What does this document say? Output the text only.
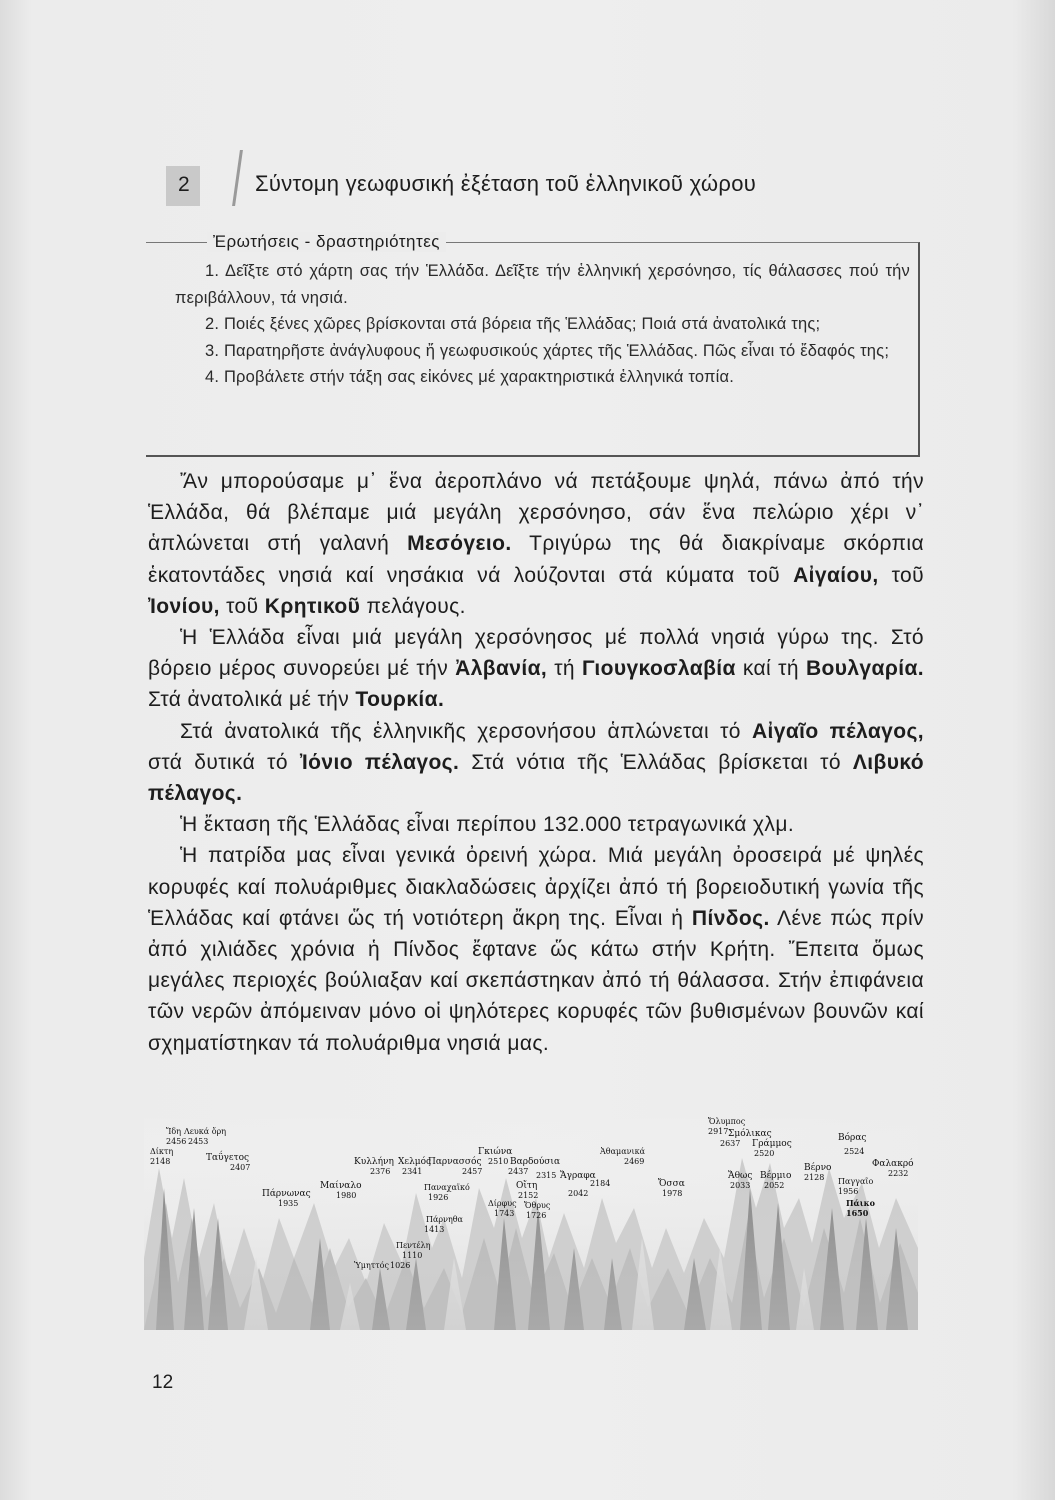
2	Σύντομη γεωφυσική ἐξέταση τοῦ ἑλληνικοῦ χώρου
Ἐρωτήσεις - δραστηριότητες

1. Δεῖξτε στό χάρτη σας τήν Ἑλλάδα. Δεῖξτε τήν ἑλληνική χερσόνησο, τίς θάλασσες πού τήν περιβάλλουν, τά νησιά.

2. Ποιές ξένες χῶρες βρίσκονται στά βόρεια τῆς Ἑλλάδας; Ποιά στά ἀνατολικά της;

3. Παρατηρῆστε ἀνάγλυφους ἤ γεωφυσικούς χάρτες τῆς Ἑλλάδας. Πῶς εἶναι τό ἔδαφός της;

4. Προβάλετε στήν τάξη σας εἰκόνες μέ χαρακτηριστικά ἑλληνικά τοπία.

Ἄν μπορούσαμε μ᾽ ἕνα ἀεροπλάνο νά πετάξουμε ψηλά, πάνω ἀπό τήν Ἑλλάδα, θά βλέπαμε μιά μεγάλη χερσόνησο, σάν ἕνα πελώριο χέρι ν᾽ ἁπλώνεται στή γαλανή Μεσόγειο. Τριγύρω της θά διακρίναμε σκόρπια ἑκατοντάδες νησιά καί νησάκια νά λούζονται στά κύματα τοῦ Αἰγαίου, τοῦ Ἰονίου, τοῦ Κρητικοῦ πελάγους.

Ἡ Ἑλλάδα εἶναι μιά μεγάλη χερσόνησος μέ πολλά νησιά γύρω της. Στό βόρειο μέρος συνορεύει μέ τήν Ἀλβανία, τή Γιουγκοσλαβία καί τή Βουλγαρία. Στά ἀνατολικά μέ τήν Τουρκία.

Στά ἀνατολικά τῆς ἑλληνικῆς χερσονήσου ἁπλώνεται τό Αἰγαῖο πέλαγος, στά δυτικά τό Ἰόνιο πέλαγος. Στά νότια τῆς Ἑλλάδας βρίσκεται τό Λιβυκό πέλαγος.

Ἡ ἔκταση τῆς Ἑλλάδας εἶναι περίπου 132.000 τετραγωνικά χλμ.

Ἡ πατρίδα μας εἶναι γενικά ὀρεινή χώρα. Μιά μεγάλη ὀροσειρά μέ ψηλές κορυφές καί πολυάριθμες διακλαδώσεις ἀρχίζει ἀπό τή βορειοδυτική γωνία τῆς Ἑλλάδας καί φτάνει ὥς τή νοτιότερη ἄκρη της. Εἶναι ἡ Πίνδος. Λένε πώς πρίν ἀπό χιλιάδες χρόνια ἡ Πίνδος ἔφτανε ὥς κάτω στήν Κρήτη. Ἔπειτα ὅμως μεγάλες περιοχές βούλιαξαν καί σκεπάστηκαν ἀπό τή θάλασσα. Στήν ἐπιφάνεια τῶν νερῶν ἀπόμειναν μόνο οἱ ψηλότερες κορυφές τῶν βυθισμένων βουνῶν καί σχηματίστηκαν τά πολυάριθμα νησιά μας.

Ἴδη
2456
Λευκά ὄρη
2453
Δίκτη
2148	Ταΰγετος
2407
Πάρνωνας
1935
Μαίναλο
1980
Κυλλήνη
2376
Χελμός
2341
Παρνασσός
2457
Παναχαϊκό
1926
Πάρνηθα
1413
Πεντέλη
1110
Ὑμηττός 1026
Γκιώνα
2510 Βαρδούσια
2437	Ἄγραφα
2315
Οἴτη
2152
Δίρφυς
1743
Ὄθρυς
1726
Ἀθαμανικά
2469
2184
2042
Ὄσσα
1978
Ὄλυμπος
2917 Σμόλικας
2637 Γράμμος
2520
Ἄθως
2033
Βέρμιο
2052
Βέρνο
2128
Βόρας
2524
Φαλακρό
2232
Παγγαῖο
1956
Πάικο
1650
12
